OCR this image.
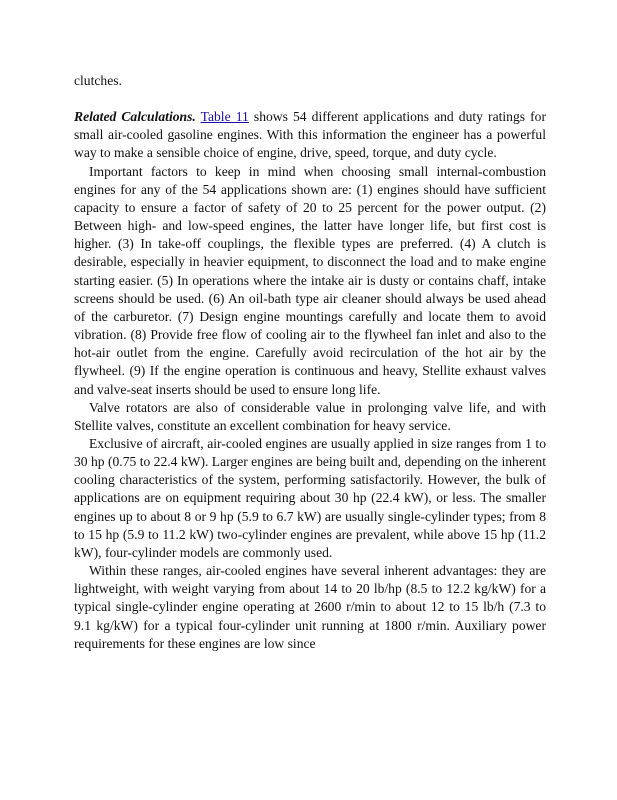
clutches.

Related Calculations. Table 11 shows 54 different applications and duty ratings for small air-cooled gasoline engines. With this information the engineer has a powerful way to make a sensible choice of engine, drive, speed, torque, and duty cycle.

Important factors to keep in mind when choosing small internal-combustion engines for any of the 54 applications shown are: (1) engines should have sufficient capacity to ensure a factor of safety of 20 to 25 percent for the power output. (2) Between high- and low-speed engines, the latter have longer life, but first cost is higher. (3) In take-off couplings, the flexible types are preferred. (4) A clutch is desirable, especially in heavier equipment, to disconnect the load and to make engine starting easier. (5) In operations where the intake air is dusty or contains chaff, intake screens should be used. (6) An oil-bath type air cleaner should always be used ahead of the carburetor. (7) Design engine mountings carefully and locate them to avoid vibration. (8) Provide free flow of cooling air to the flywheel fan inlet and also to the hot-air outlet from the engine. Carefully avoid recirculation of the hot air by the flywheel. (9) If the engine operation is continuous and heavy, Stellite exhaust valves and valve-seat inserts should be used to ensure long life.

Valve rotators are also of considerable value in prolonging valve life, and with Stellite valves, constitute an excellent combination for heavy service.

Exclusive of aircraft, air-cooled engines are usually applied in size ranges from 1 to 30 hp (0.75 to 22.4 kW). Larger engines are being built and, depending on the inherent cooling characteristics of the system, performing satisfactorily. However, the bulk of applications are on equipment requiring about 30 hp (22.4 kW), or less. The smaller engines up to about 8 or 9 hp (5.9 to 6.7 kW) are usually single-cylinder types; from 8 to 15 hp (5.9 to 11.2 kW) two-cylinder engines are prevalent, while above 15 hp (11.2 kW), four-cylinder models are commonly used.

Within these ranges, air-cooled engines have several inherent advantages: they are lightweight, with weight varying from about 14 to 20 lb/hp (8.5 to 12.2 kg/kW) for a typical single-cylinder engine operating at 2600 r/min to about 12 to 15 lb/h (7.3 to 9.1 kg/kW) for a typical four-cylinder unit running at 1800 r/min. Auxiliary power requirements for these engines are low since
